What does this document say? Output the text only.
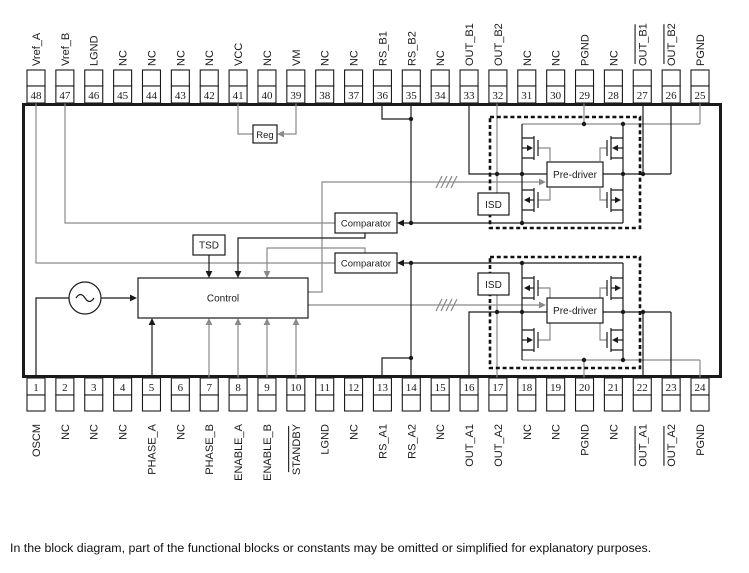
Reg
TSD
Control
Comparator
Comparator
ISD
ISD
Pre-driver
Pre-driver
48
Vref_A
47
Vref_B
46
LGND
45
NC
44
NC
43
NC
42
NC
41
VCC
40
NC
39
VM
38
NC
37
NC
36
RS_B1
35
RS_B2
34
NC
33
OUT_B1
32
OUT_B2
31
NC
30
NC
29
PGND
28
NC
27
OUT_B1
26
OUT_B2
25
PGND
1
OSCM
2
NC
3
NC
4
NC
5
PHASE_A
6
NC
7
PHASE_B
8
ENABLE_A
9
ENABLE_B
10
STANDBY
11
LGND
12
NC
13
RS_A1
14
RS_A2
15
NC
16
OUT_A1
17
OUT_A2
18
NC
19
NC
20
PGND
21
NC
22
OUT_A1
23
OUT_A2
24
PGND
In the block diagram, part of the functional blocks or constants may be omitted or simplified for explanatory purposes.
